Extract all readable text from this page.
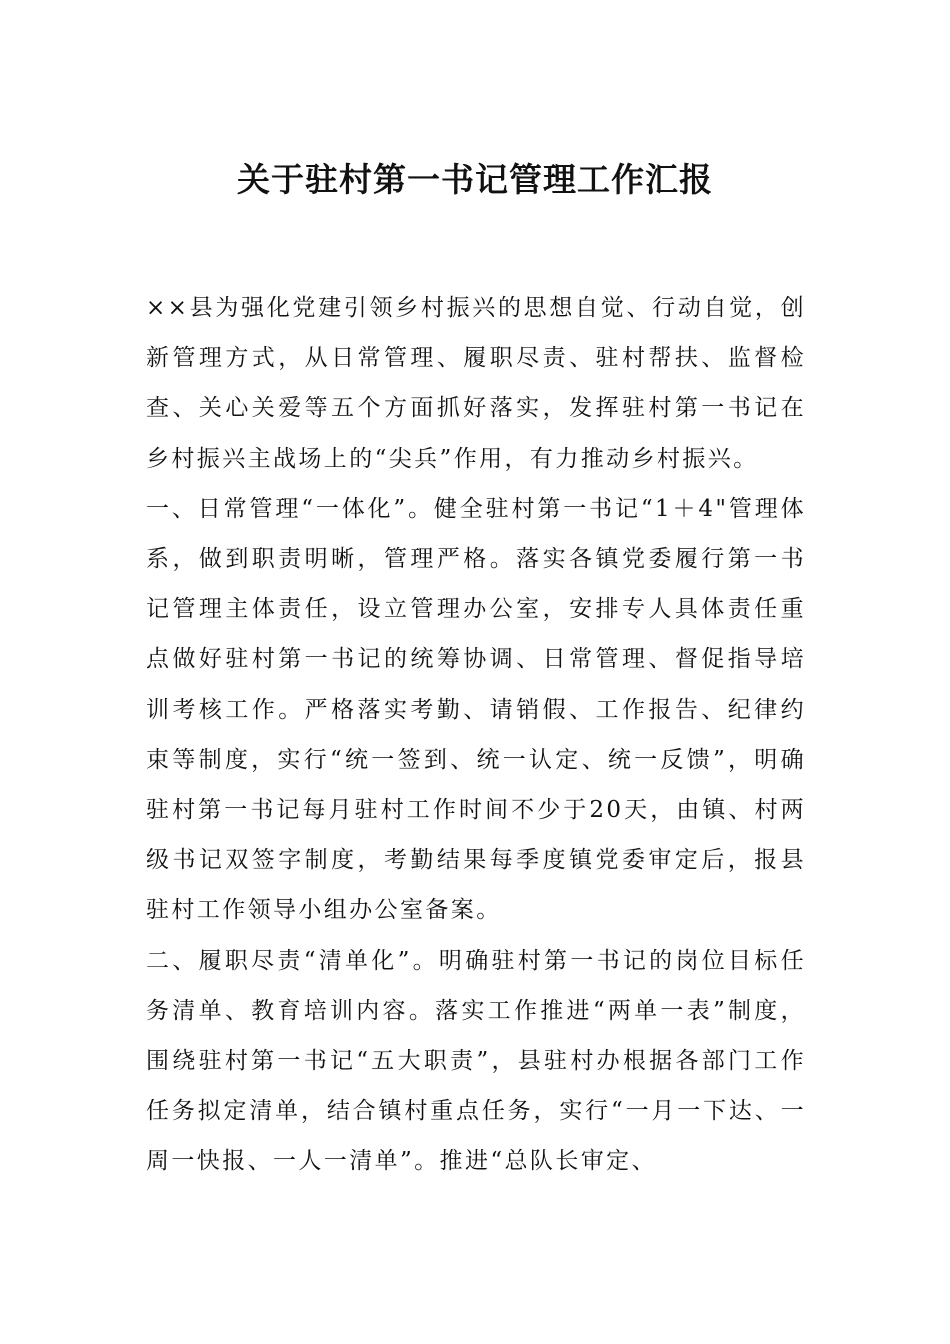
关于驻村第一书记管理工作汇报

××县为强化党建引领乡村振兴的思想自觉、行动自觉，创新管理方式，从日常管理、履职尽责、驻村帮扶、监督检查、关心关爱等五个方面抓好落实，发挥驻村第一书记在乡村振兴主战场上的“尖兵”作用，有力推动乡村振兴。

一、日常管理“一体化”。健全驻村第一书记“1＋4"管理体系，做到职责明晰，管理严格。落实各镇党委履行第一书记管理主体责任，设立管理办公室，安排专人具体责任重点做好驻村第一书记的统筹协调、日常管理、督促指导培训考核工作。严格落实考勤、请销假、工作报告、纪律约束等制度，实行“统一签到、统一认定、统一反馈”，明确驻村第一书记每月驻村工作时间不少于20天，由镇、村两级书记双签字制度，考勤结果每季度镇党委审定后，报县驻村工作领导小组办公室备案。

二、履职尽责“清单化”。明确驻村第一书记的岗位目标任务清单、教育培训内容。落实工作推进“两单一表”制度，围绕驻村第一书记“五大职责”，县驻村办根据各部门工作任务拟定清单，结合镇村重点任务，实行“一月一下达、一周一快报、一人一清单”。推进“总队长审定、
